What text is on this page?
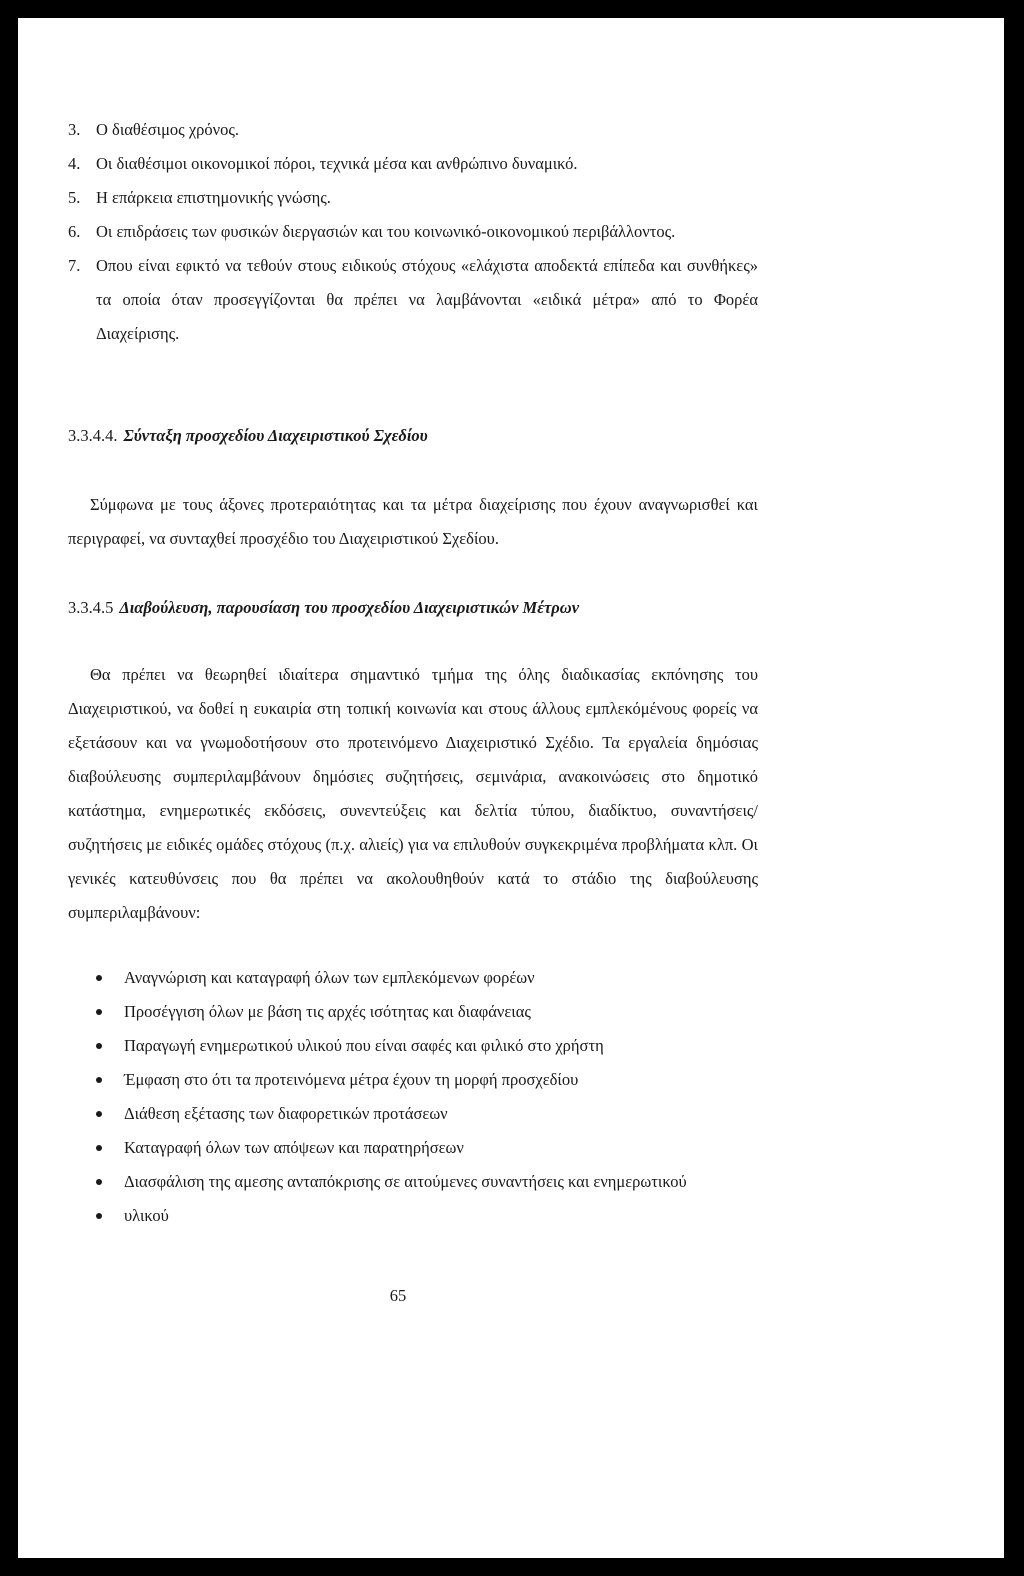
3. Ο διαθέσιμος χρόνος.
4. Οι διαθέσιμοι οικονομικοί πόροι, τεχνικά μέσα και ανθρώπινο δυναμικό.
5. Η επάρκεια επιστημονικής γνώσης.
6. Οι επιδράσεις των φυσικών διεργασιών και του κοινωνικό-οικονομικού περιβάλλοντος.
7. Οπου είναι εφικτό να τεθούν στους ειδικούς στόχους «ελάχιστα αποδεκτά επίπεδα και συνθήκες» τα οποία όταν προσεγγίζονται θα πρέπει να λαμβάνονται «ειδικά μέτρα» από το Φορέα Διαχείρισης.
3.3.4.4. Σύνταξη προσχεδίου Διαχειριστικού Σχεδίου
Σύμφωνα με τους άξονες προτεραιότητας και τα μέτρα διαχείρισης που έχουν αναγνωρισθεί και περιγραφεί, να συνταχθεί προσχέδιο του Διαχειριστικού Σχεδίου.
3.3.4.5 Διαβούλευση, παρουσίαση του προσχεδίου Διαχειριστικών Μέτρων
Θα πρέπει να θεωρηθεί ιδιαίτερα σημαντικό τμήμα της όλης διαδικασίας εκπόνησης του Διαχειριστικού, να δοθεί η ευκαιρία στη τοπική κοινωνία και στους άλλους εμπλεκόμένους φορείς να εξετάσουν και να γνωμοδοτήσουν στο προτεινόμενο Διαχειριστικό Σχέδιο. Τα εργαλεία δημόσιας διαβούλευσης συμπεριλαμβάνουν δημόσιες συζητήσεις, σεμινάρια, ανακοινώσεις στο δημοτικό κατάστημα, ενημερωτικές εκδόσεις, συνεντεύξεις και δελτία τύπου, διαδίκτυο, συναντήσεις/ συζητήσεις με ειδικές ομάδες στόχους (π.χ. αλιείς) για να επιλυθούν συγκεκριμένα προβλήματα κλπ. Οι γενικές κατευθύνσεις που θα πρέπει να ακολουθηθούν κατά το στάδιο της διαβούλευσης συμπεριλαμβάνουν:
Αναγνώριση και καταγραφή όλων των εμπλεκόμενων φορέων
Προσέγγιση όλων με βάση τις αρχές ισότητας και διαφάνειας
Παραγωγή ενημερωτικού υλικού που είναι σαφές και φιλικό στο χρήστη
Έμφαση στο ότι τα προτεινόμενα μέτρα έχουν τη μορφή προσχεδίου
Διάθεση εξέτασης των διαφορετικών προτάσεων
Καταγραφή όλων των απόψεων και παρατηρήσεων
Διασφάλιση της αμεσης ανταπόκρισης σε αιτούμενες συναντήσεις και ενημερωτικού
υλικού
65
